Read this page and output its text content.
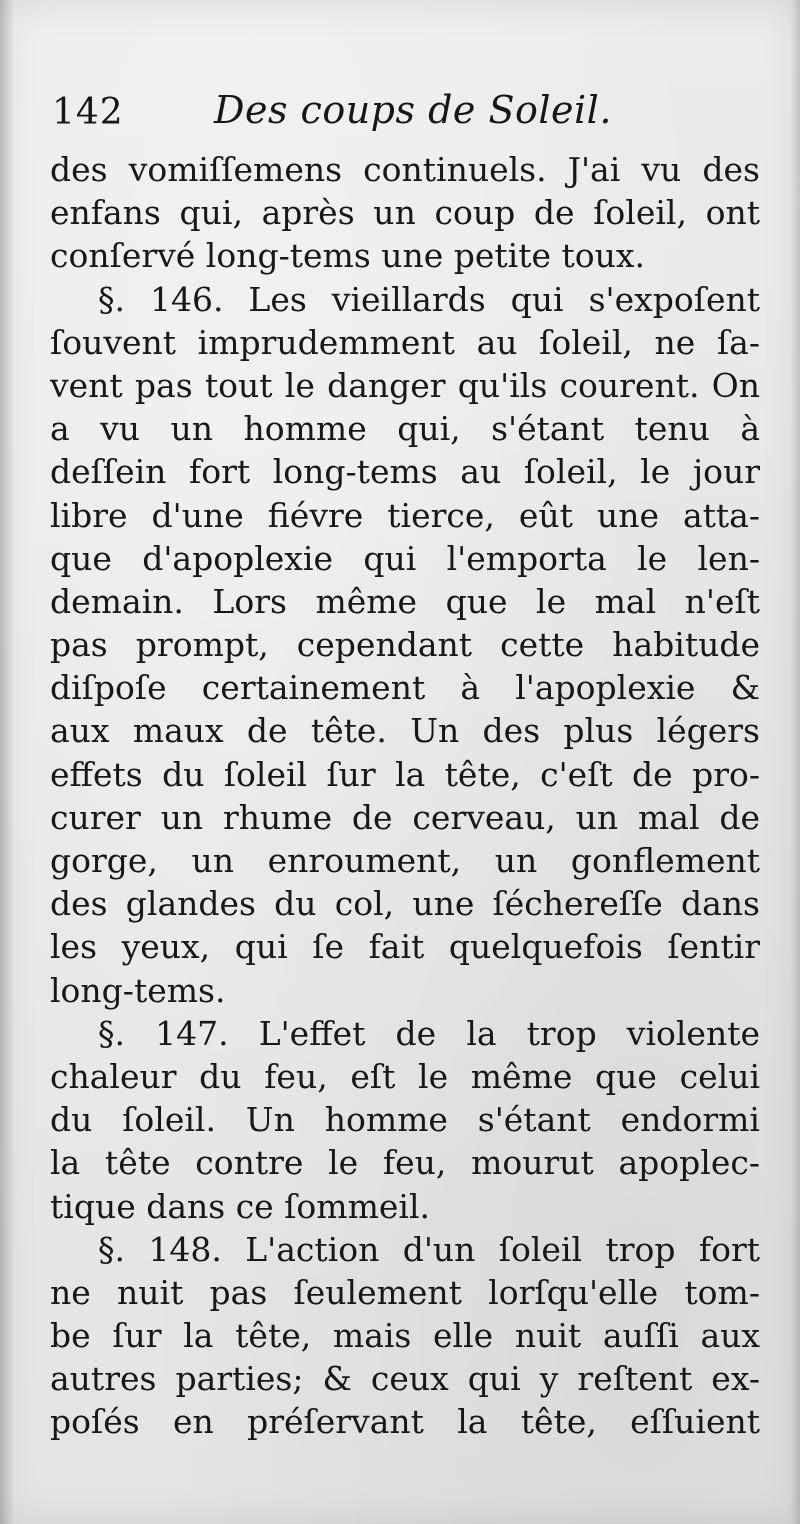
142 Des coups de Soleil.
des vomiſſemens continuels. J'ai vu des
enfans qui, après un coup de ſoleil, ont
conſervé long-tems une petite toux.
§. 146. Les vieillards qui s'expoſent
ſouvent imprudemment au ſoleil, ne ſa-
vent pas tout le danger qu'ils courent. On
a vu un homme qui, s'étant tenu à
deſſein fort long-tems au ſoleil, le jour
libre d'une fiévre tierce, eût une atta-
que d'apoplexie qui l'emporta le len-
demain. Lors même que le mal n'eſt
pas prompt, cependant cette habitude
diſpoſe certainement à l'apoplexie &
aux maux de tête. Un des plus légers
effets du ſoleil ſur la tête, c'eſt de pro-
curer un rhume de cerveau, un mal de
gorge, un enroument, un gonflement
des glandes du col, une ſéchereſſe dans
les yeux, qui ſe fait quelquefois ſentir
long-tems.
§. 147. L'effet de la trop violente
chaleur du feu, eſt le même que celui
du ſoleil. Un homme s'étant endormi
la tête contre le feu, mourut apoplec-
tique dans ce ſommeil.
§. 148. L'action d'un ſoleil trop fort
ne nuit pas ſeulement lorſqu'elle tom-
be ſur la tête, mais elle nuit auſſi aux
autres parties; & ceux qui y reſtent ex-
poſés en préſervant la tête, eſſuient
